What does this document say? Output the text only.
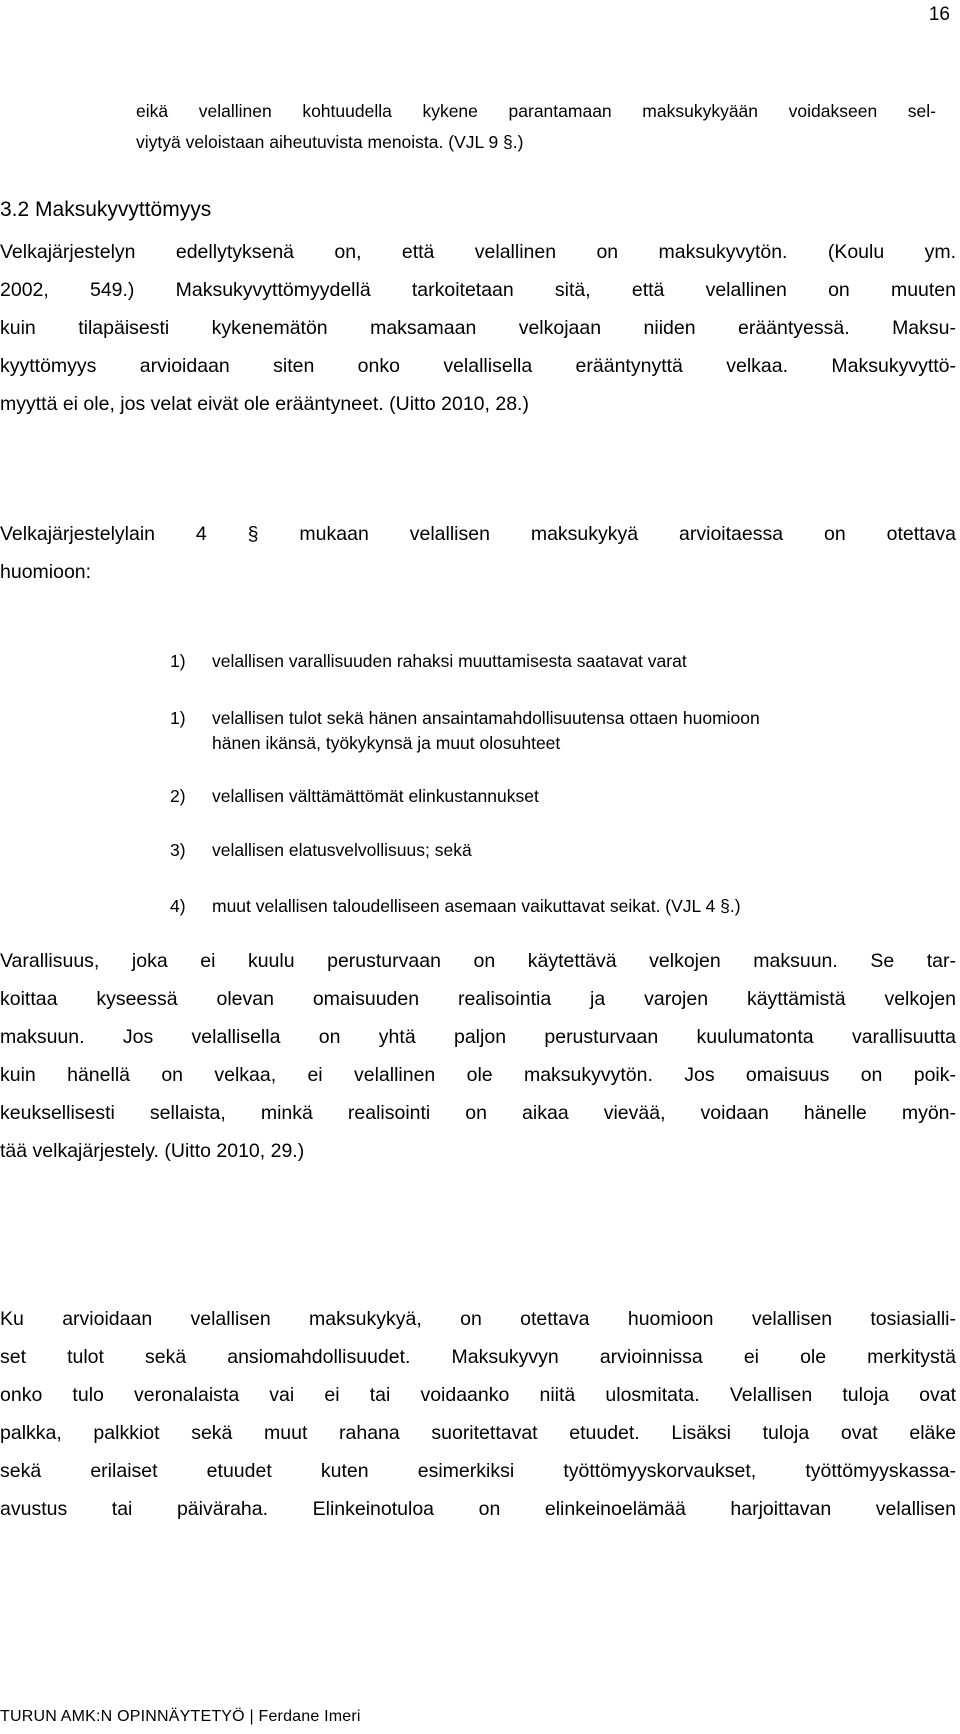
16
eikä velallinen kohtuudella kykene parantamaan maksukykyään voidakseen sel-
viytyä veloistaan aiheutuvista menoista. (VJL 9 §.)
3.2 Maksukyvyttömyys
Velkajärjestelyn edellytyksenä on, että velallinen on maksukyvytön. (Koulu ym.
2002, 549.) Maksukyvyttömyydellä tarkoitetaan sitä, että velallinen on muuten
kuin tilapäisesti kykenemätön maksamaan velkojaan niiden erääntyessä. Maksu-
kyyttömyys arvioidaan siten onko velallisella erääntynyttä velkaa. Maksukyvyttö-
myyttä ei ole, jos velat eivät ole erääntyneet. (Uitto 2010, 28.)
Velkajärjestelylain 4 § mukaan velallisen maksukykyä arvioitaessa on otettava
huomioon:
1) velallisen varallisuuden rahaksi muuttamisesta saatavat varat
1) velallisen tulot sekä hänen ansaintamahdollisuutensa ottaen huomioon
hänen ikänsä, työkykynsä ja muut olosuhteet
2) velallisen välttämättömät elinkustannukset
3) velallisen elatusvelvollisuus; sekä
4) muut velallisen taloudelliseen asemaan vaikuttavat seikat. (VJL 4 §.)
Varallisuus, joka ei kuulu perusturvaan on käytettävä velkojen maksuun. Se tar-
koittaa kyseessä olevan omaisuuden realisointia ja varojen käyttämistä velkojen
maksuun. Jos velallisella on yhtä paljon perusturvaan kuulumatonta varallisuutta
kuin hänellä on velkaa, ei velallinen ole maksukyvytön. Jos omaisuus on poik-
keuksellisesti sellaista, minkä realisointi on aikaa vievää, voidaan hänelle myön-
tää velkajärjestely. (Uitto 2010, 29.)
Ku arvioidaan velallisen maksukykyä, on otettava huomioon velallisen tosiasialli-
set tulot sekä ansiomahdollisuudet. Maksukyvyn arvioinnissa ei ole merkitystä
onko tulo veronalaista vai ei tai voidaanko niitä ulosmitata. Velallisen tuloja ovat
palkka, palkkiot sekä muut rahana suoritettavat etuudet. Lisäksi tuloja ovat eläke
sekä erilaiset etuudet kuten esimerkiksi työttömyyskorvaukset, työttömyyskassa-
avustus tai päiväraha. Elinkeinotuloa on elinkeinoelämää harjoittavan velallisen
TURUN AMK:N OPINNÄYTETYÖ | Ferdane Imeri
